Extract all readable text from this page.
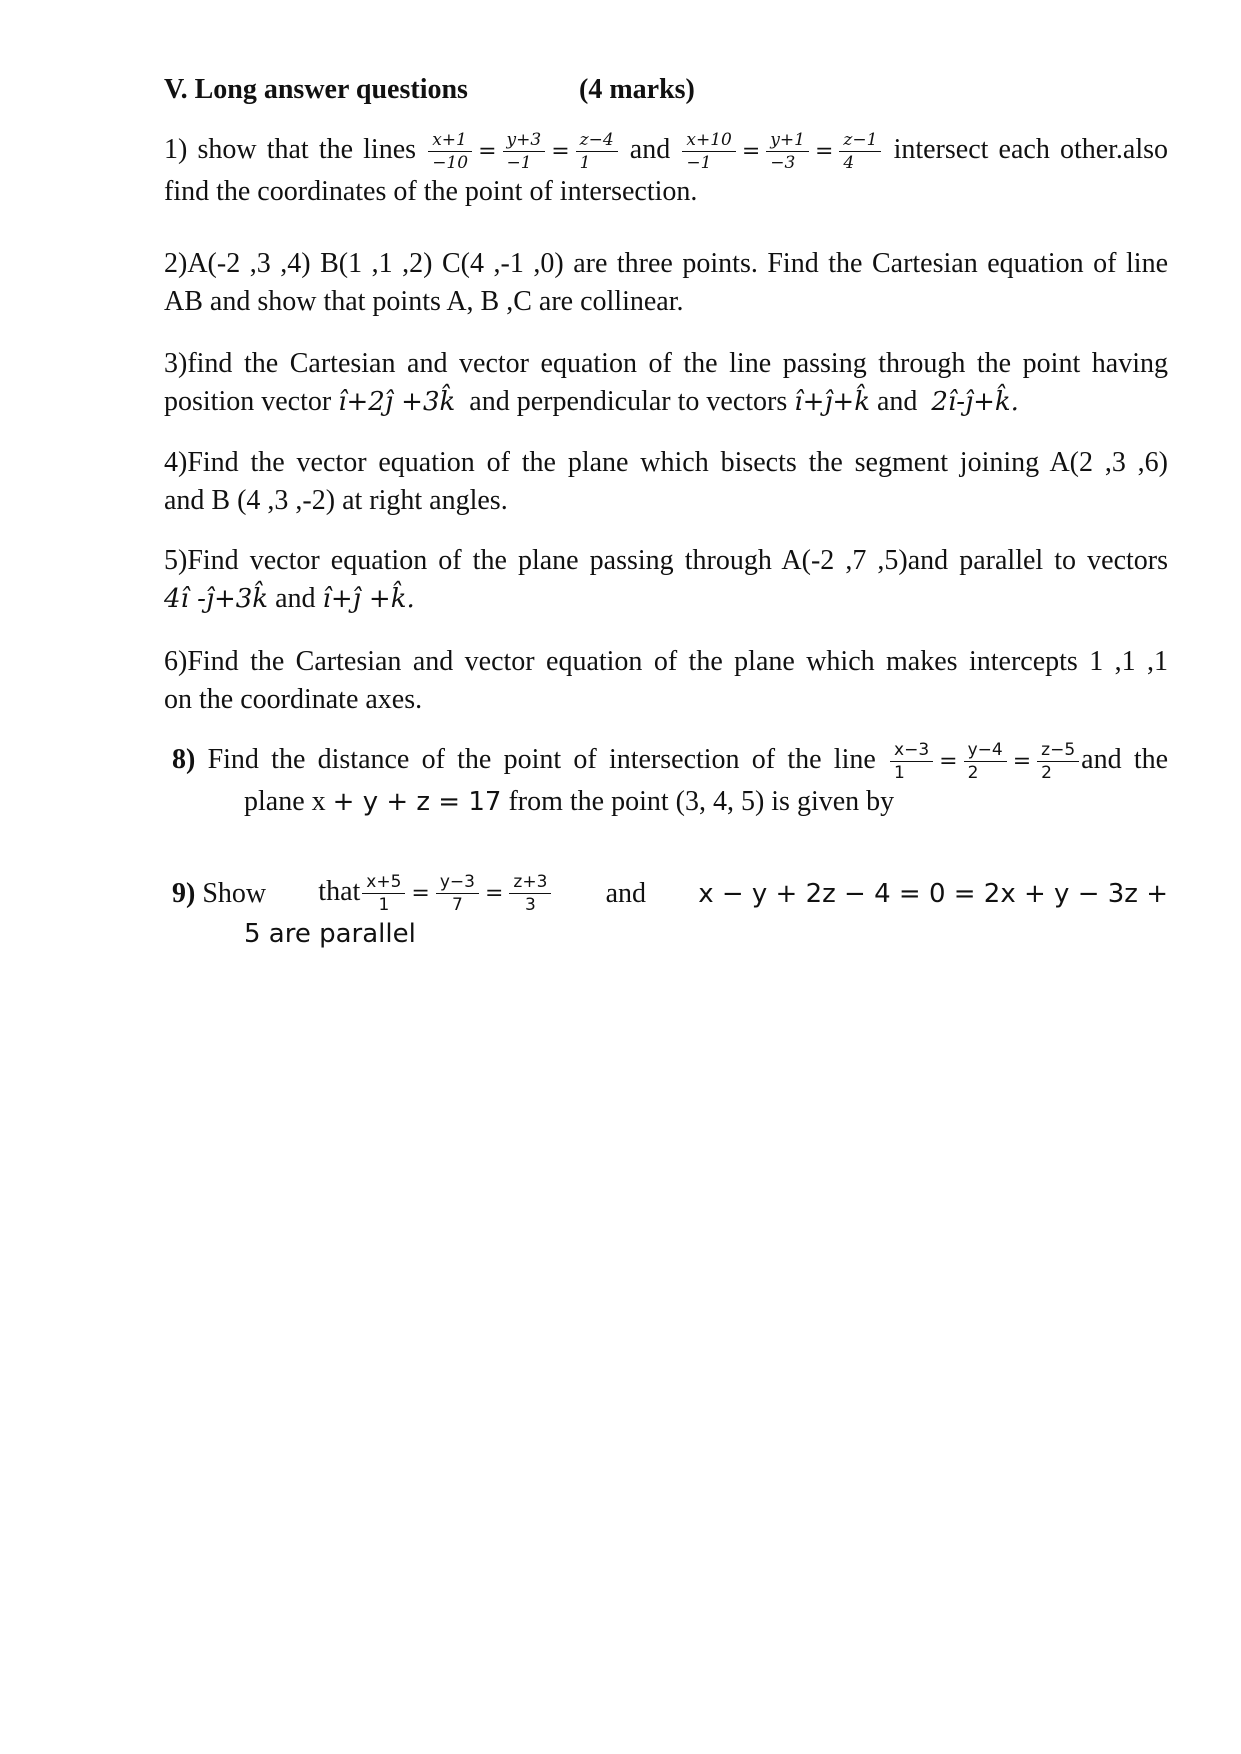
V. Long answer questions	(4 marks)
1) show that the lines $\frac{x+1}{-10} = \frac{y+3}{-1} = \frac{z-4}{1}$ and $\frac{x+10}{-1} = \frac{y+1}{-3} = \frac{z-1}{4}$ intersect each other.also
find the coordinates of the point of intersection.
2)A(-2 ,3 ,4) B(1 ,1 ,2) C(4 ,-1 ,0) are three points. Find the Cartesian equation of line
AB and show that points A, B ,C are collinear.
3)find the Cartesian and vector equation of the line passing through the point having
position vector î+2ĵ +3k̂ and perpendicular to vectors î+ĵ+k̂ and 2î-ĵ+k̂.
4)Find the vector equation of the plane which bisects the segment joining A(2 ,3 ,6)
and B (4 ,3 ,-2) at right angles.
5)Find vector equation of the plane passing through A(-2 ,7 ,5)and parallel to vectors
4î -ĵ+3k̂ and î+ĵ +k̂.
6)Find the Cartesian and vector equation of the plane which makes intercepts 1 ,1 ,1
on the coordinate axes.
8) Find the distance of the point of intersection of the line $\frac{x-3}{1} = \frac{y-4}{2} = \frac{z-5}{2}$ and the
plane x + y + z = 17 from the point (3, 4, 5) is given by
9) Show that $\frac{x+5}{1} = \frac{y-3}{7} = \frac{z+3}{3}$ and x − y + 2z − 4 = 0 = 2x + y − 3z +
5 are parallel
